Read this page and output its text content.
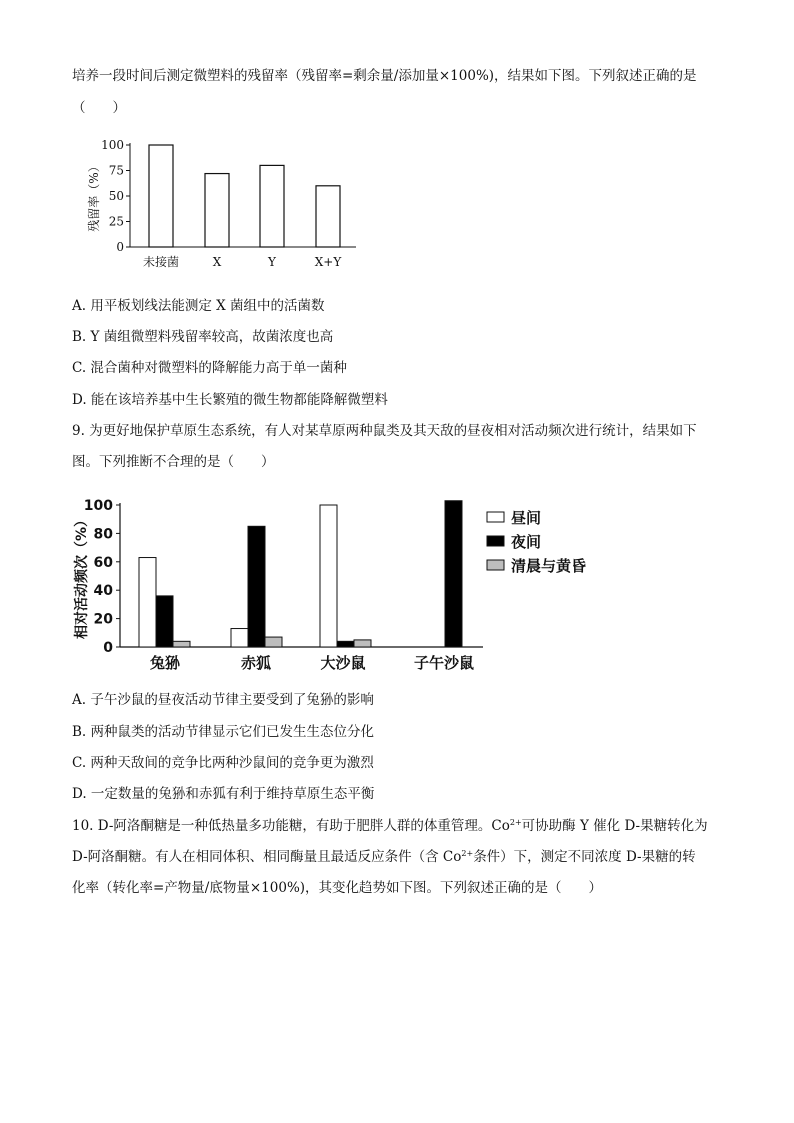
培养一段时间后测定微塑料的残留率（残留率=剩余量/添加量×100%)，结果如下图。下列叙述正确的是
（　　）
0
25
50
75
100
残留率（%）
未接菌	X	Y	X+Y
A. 用平板划线法能测定 X 菌组中的活菌数
B. Y 菌组微塑料残留率较高，故菌浓度也高
C. 混合菌种对微塑料的降解能力高于单一菌种
D. 能在该培养基中生长繁殖的微生物都能降解微塑料
9. 为更好地保护草原生态系统，有人对某草原两种鼠类及其天敌的昼夜相对活动频次进行统计，结果如下
图。下列推断不合理的是（　　）
0
20
40
60
80
100
相对活动频次（%）
兔狲	赤狐	大沙鼠	子午沙鼠
昼间
夜间
清晨与黄昏
A. 子午沙鼠的昼夜活动节律主要受到了兔狲的影响
B. 两种鼠类的活动节律显示它们已发生生态位分化
C. 两种天敌间的竞争比两种沙鼠间的竞争更为激烈
D. 一定数量的兔狲和赤狐有利于维持草原生态平衡
10. D-阿洛酮糖是一种低热量多功能糖，有助于肥胖人群的体重管理。$Co^{2+}$可协助酶 Y 催化 D-果糖转化为
D-阿洛酮糖。有人在相同体积、相同酶量且最适反应条件（含 $Co^{2+}$条件）下，测定不同浓度 D-果糖的转
化率（转化率=产物量/底物量×100%)，其变化趋势如下图。下列叙述正确的是（　　）
